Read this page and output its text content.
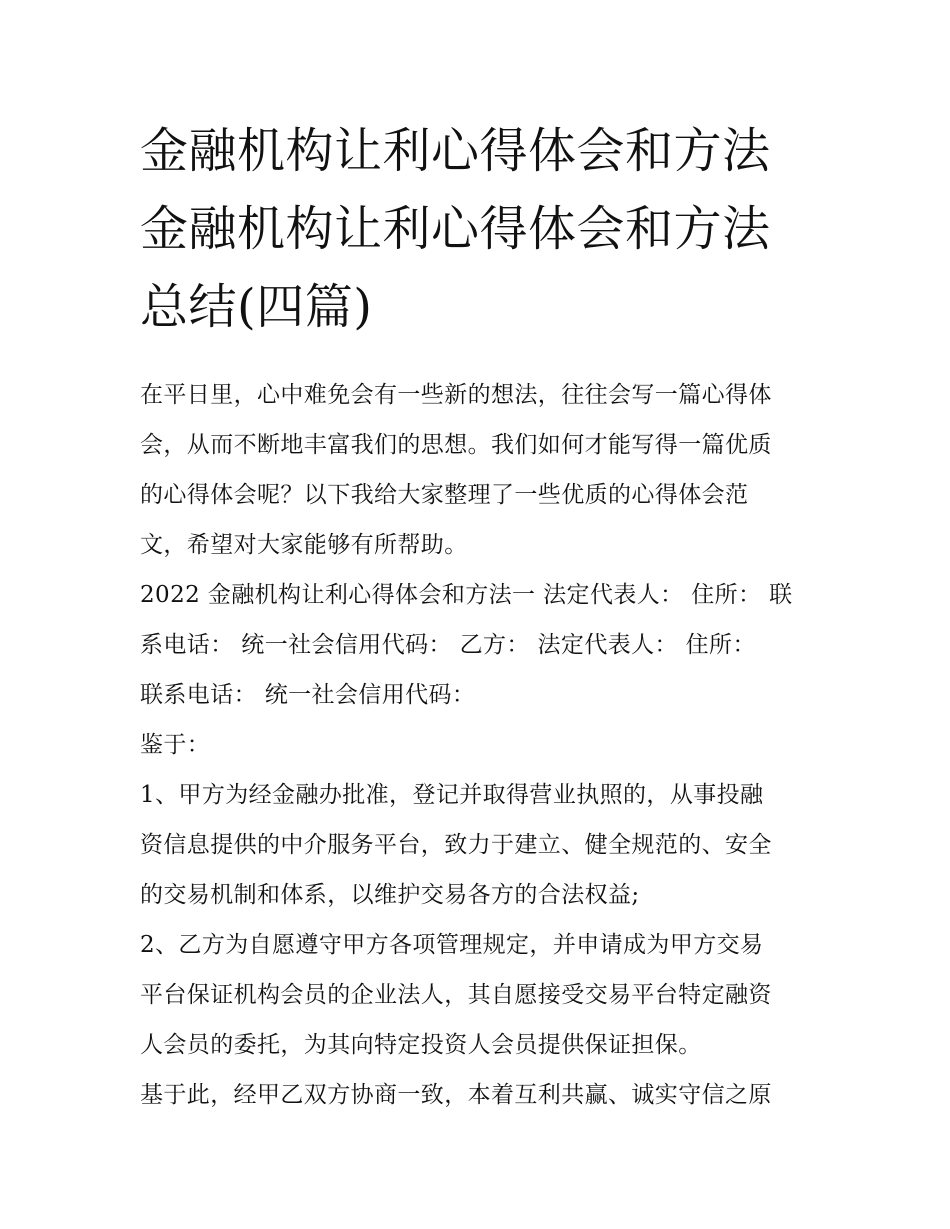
金融机构让利心得体会和方法
金融机构让利心得体会和方法
总结(四篇)
在平日里，心中难免会有一些新的想法，往往会写一篇心得体
会，从而不断地丰富我们的思想。我们如何才能写得一篇优质
的心得体会呢？以下我给大家整理了一些优质的心得体会范
文，希望对大家能够有所帮助。
2022 金融机构让利心得体会和方法一 法定代表人： 住所： 联
系电话： 统一社会信用代码： 乙方： 法定代表人： 住所：
联系电话： 统一社会信用代码：
鉴于：
1、甲方为经金融办批准，登记并取得营业执照的，从事投融
资信息提供的中介服务平台，致力于建立、健全规范的、安全
的交易机制和体系，以维护交易各方的合法权益;
2、乙方为自愿遵守甲方各项管理规定，并申请成为甲方交易
平台保证机构会员的企业法人，其自愿接受交易平台特定融资
人会员的委托，为其向特定投资人会员提供保证担保。
基于此，经甲乙双方协商一致，本着互利共赢、诚实守信之原
